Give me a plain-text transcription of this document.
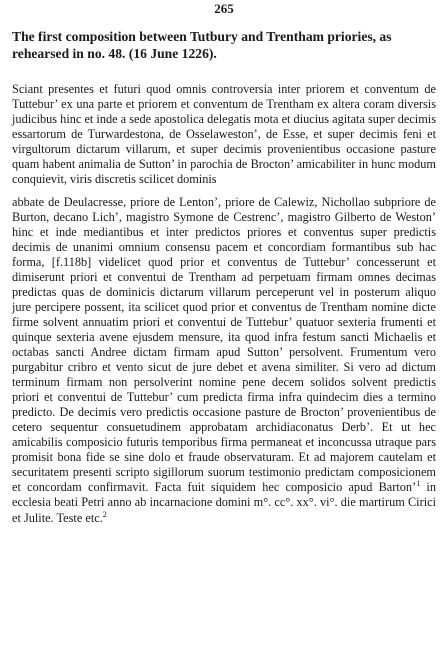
265
The first composition between Tutbury and Trentham priories, as rehearsed in no. 48. (16 June 1226).

Sciant presentes et futuri quod omnis controversia inter priorem et conventum de Tuttebur’ ex una parte et priorem et conventum de Trentham ex altera coram diversis judicibus hinc et inde a sede apostolica delegatis mota et diucius agitata super decimis essartorum de Turwardestona, de Osselaweston’, de Esse, et super decimis feni et virgultorum dictarum villarum, et super decimis provenientibus occasione pasture quam habent animalia de Sutton’ in parochia de Brocton’ amicabiliter in hunc modum conquievit, viris discretis scilicet dominis

abbate de Deulacresse, priore de Lenton’, priore de Calewiz, Nichollao subpriore de Burton, decano Lich’, magistro Symone de Cestrenc’, magistro Gilberto de Weston’ hinc et inde mediantibus et inter predictos priores et conventus super predictis decimis de unanimi omnium consensu pacem et concordiam formantibus sub hac forma, [f.118b] videlicet quod prior et conventus de Tuttebur’ concesserunt et dimiserunt priori et conventui de Trentham ad perpetuam firmam omnes decimas predictas quas de dominicis dictarum villarum perceperunt vel in posterum aliquo jure percipere possent, ita scilicet quod prior et conventus de Trentham nomine dicte firme solvent annuatim priori et conventui de Tuttebur’ quatuor sexteria frumenti et quinque sexteria avene ejusdem mensure, ita quod infra festum sancti Michaelis et octabas sancti Andree dictam firmam apud Sutton’ persolvent. Frumentum vero purgabitur cribro et vento sicut de jure debet et avena similiter. Si vero ad dictum terminum firmam non persolverint nomine pene decem solidos solvent predictis priori et conventui de Tuttebur’ cum predicta firma infra quindecim dies a termino predicto. De decimis vero predictis occasione pasture de Brocton’ provenientibus de cetero sequentur consuetudinem approbatam archidiaconatus Derb’. Et ut hec amicabilis composicio futuris temporibus firma permaneat et inconcussa utraque pars promisit bona fide se sine dolo et fraude observaturam. Et ad majorem cautelam et securitatem presenti scripto sigillorum suorum testimonio predictam composicionem et concordam confirmavit. Facta fuit siquidem hec composicio apud Barton’$^1$ in ecclesia beati Petri anno ab incarnacione domini m°. cc°. xx°. vi°. die martirum Cirici et Julite. Teste etc.$^2$
